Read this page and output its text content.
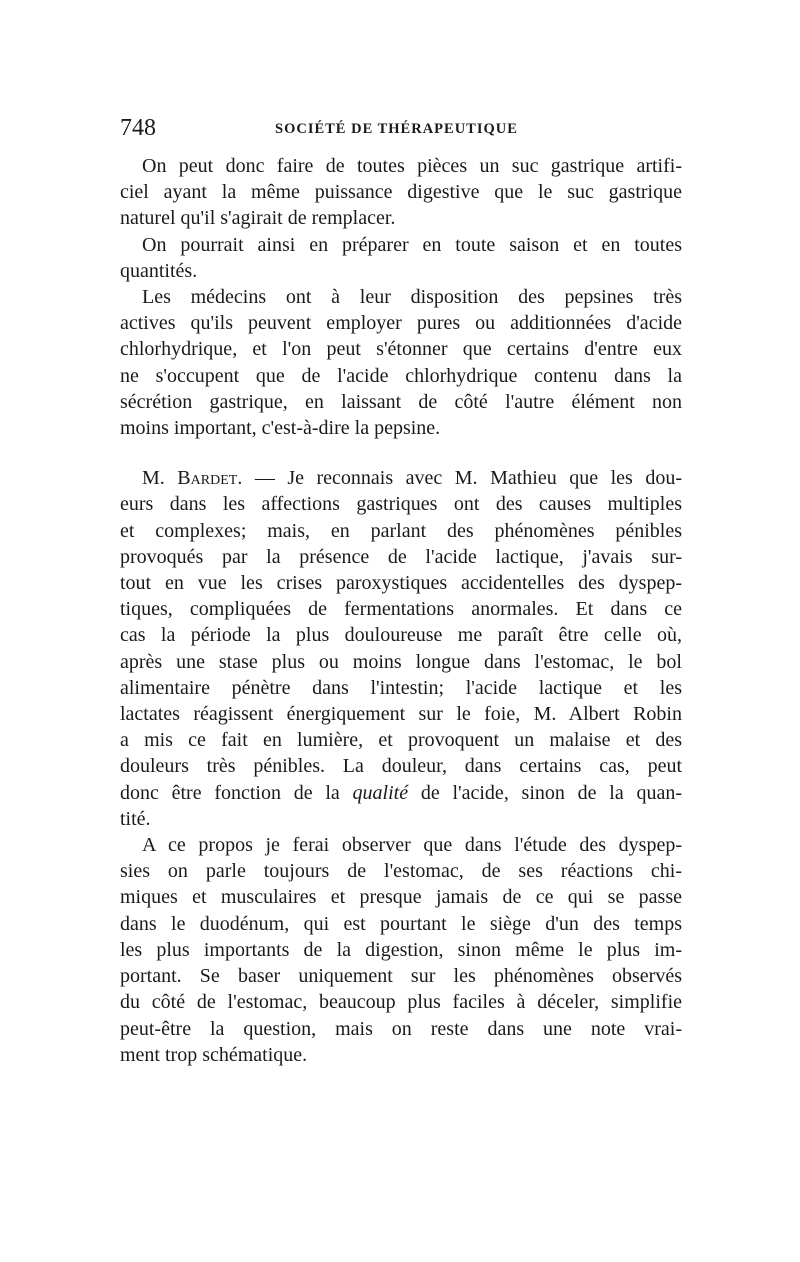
748	SOCIÉTÉ DE THÉRAPEUTIQUE

On peut donc faire de toutes pièces un suc gastrique artifi-
ciel ayant la même puissance digestive que le suc gastrique
naturel qu'il s'agirait de remplacer.

On pourrait ainsi en préparer en toute saison et en toutes
quantités.

Les médecins ont à leur disposition des pepsines très
actives qu'ils peuvent employer pures ou additionnées d'acide
chlorhydrique, et l'on peut s'étonner que certains d'entre eux
ne s'occupent que de l'acide chlorhydrique contenu dans la
sécrétion gastrique, en laissant de côté l'autre élément non
moins important, c'est-à-dire la pepsine.

M. Bardet. — Je reconnais avec M. Mathieu que les dou-
eurs dans les affections gastriques ont des causes multiples
et complexes; mais, en parlant des phénomènes pénibles
provoqués par la présence de l'acide lactique, j'avais sur-
tout en vue les crises paroxystiques accidentelles des dyspep-
tiques, compliquées de fermentations anormales. Et dans ce
cas la période la plus douloureuse me paraît être celle où,
après une stase plus ou moins longue dans l'estomac, le bol
alimentaire pénètre dans l'intestin; l'acide lactique et les
lactates réagissent énergiquement sur le foie, M. Albert Robin
a mis ce fait en lumière, et provoquent un malaise et des
douleurs très pénibles. La douleur, dans certains cas, peut
donc être fonction de la qualité de l'acide, sinon de la quan-
tité.

A ce propos je ferai observer que dans l'étude des dyspep-
sies on parle toujours de l'estomac, de ses réactions chi-
miques et musculaires et presque jamais de ce qui se passe
dans le duodénum, qui est pourtant le siège d'un des temps
les plus importants de la digestion, sinon même le plus im-
portant. Se baser uniquement sur les phénomènes observés
du côté de l'estomac, beaucoup plus faciles à déceler, simplifie
peut-être la question, mais on reste dans une note vrai-
ment trop schématique.
